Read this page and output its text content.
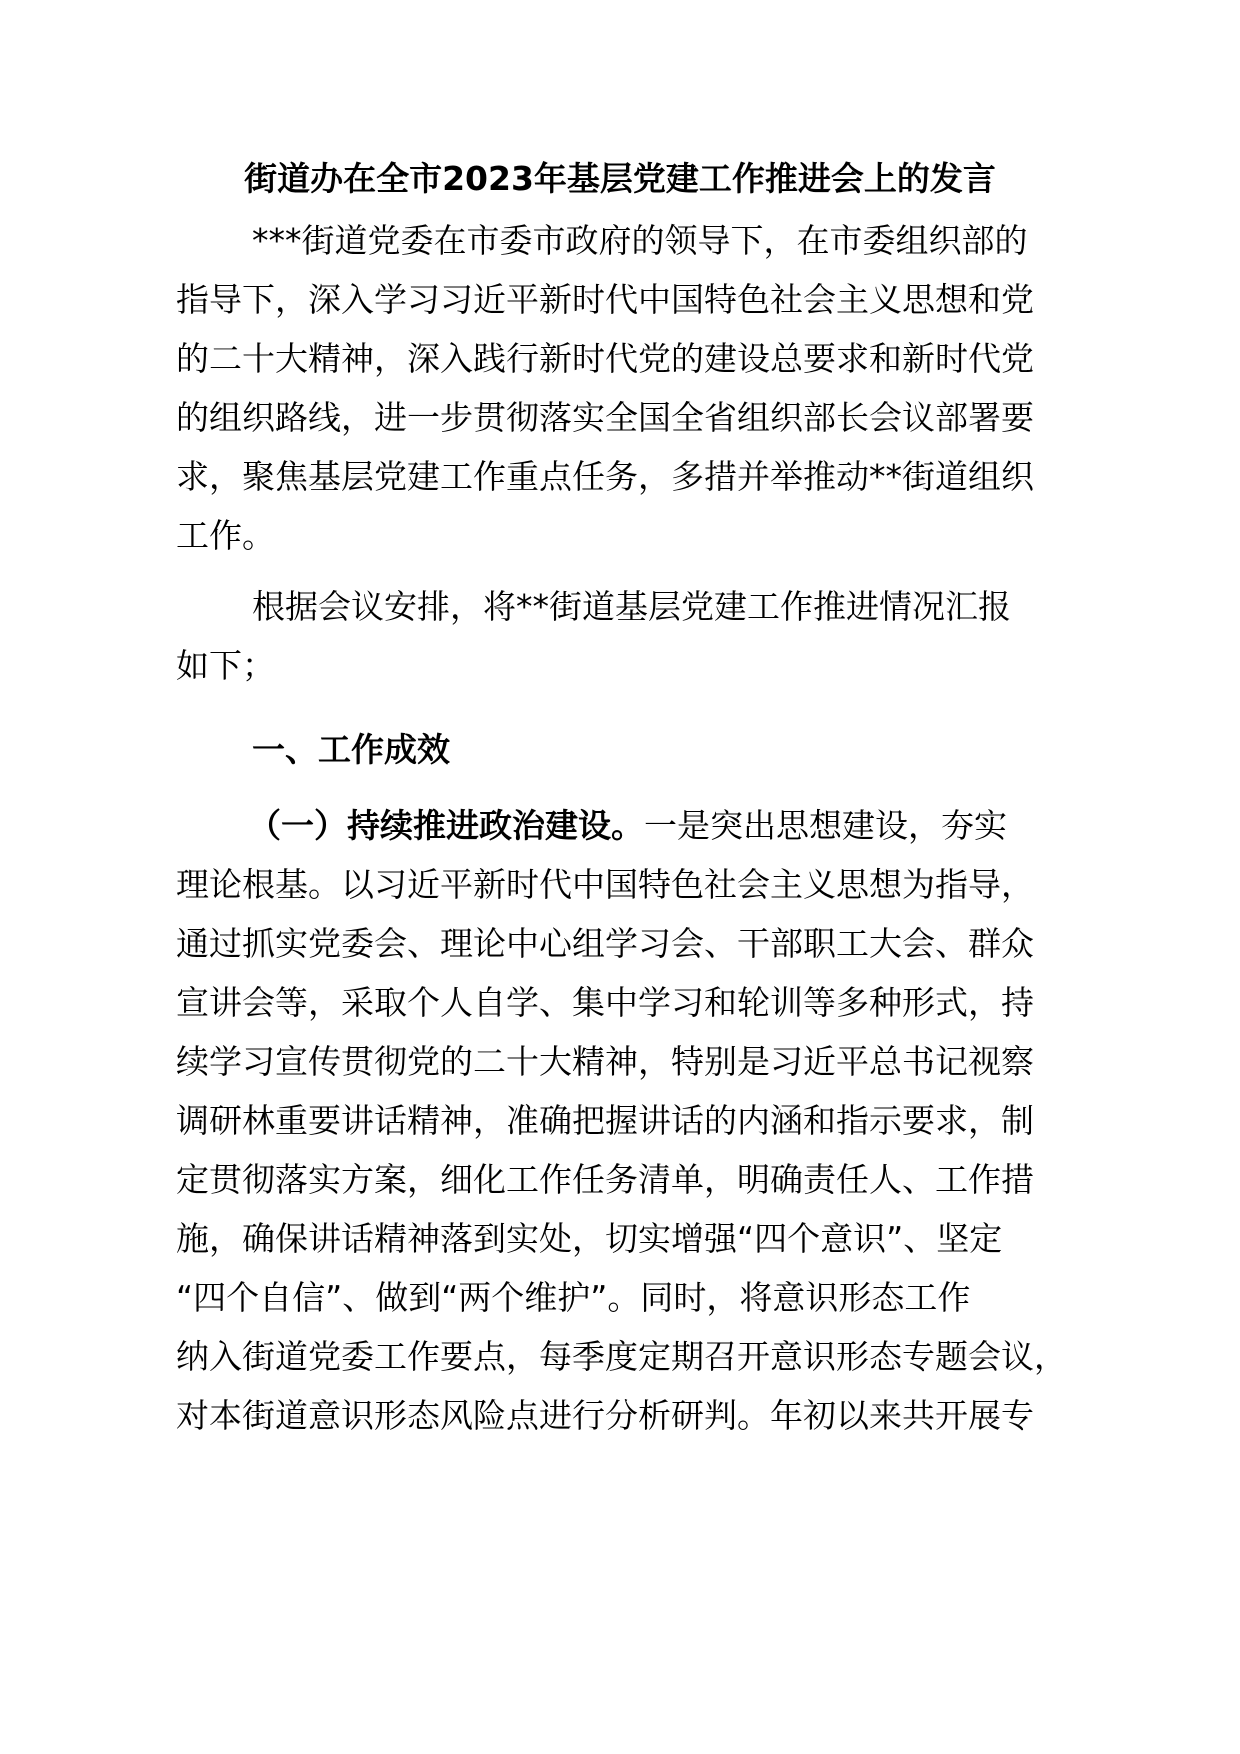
街道办在全市2023年基层党建工作推进会上的发言
***街道党委在市委市政府的领导下，在市委组织部的
指导下，深入学习习近平新时代中国特色社会主义思想和党
的二十大精神，深入践行新时代党的建设总要求和新时代党
的组织路线，进一步贯彻落实全国全省组织部长会议部署要
求，聚焦基层党建工作重点任务，多措并举推动**街道组织
工作。
根据会议安排，将**街道基层党建工作推进情况汇报
如下；
一、工作成效
（一）持续推进政治建设。一是突出思想建设，夯实
理论根基。以习近平新时代中国特色社会主义思想为指导，
通过抓实党委会、理论中心组学习会、干部职工大会、群众
宣讲会等，采取个人自学、集中学习和轮训等多种形式，持
续学习宣传贯彻党的二十大精神，特别是习近平总书记视察
调研林重要讲话精神，准确把握讲话的内涵和指示要求，制
定贯彻落实方案，细化工作任务清单，明确责任人、工作措
施，确保讲话精神落到实处，切实增强“四个意识”、坚定
“四个自信”、做到“两个维护”。同时，将意识形态工作
纳入街道党委工作要点，每季度定期召开意识形态专题会议，
对本街道意识形态风险点进行分析研判。年初以来共开展专
